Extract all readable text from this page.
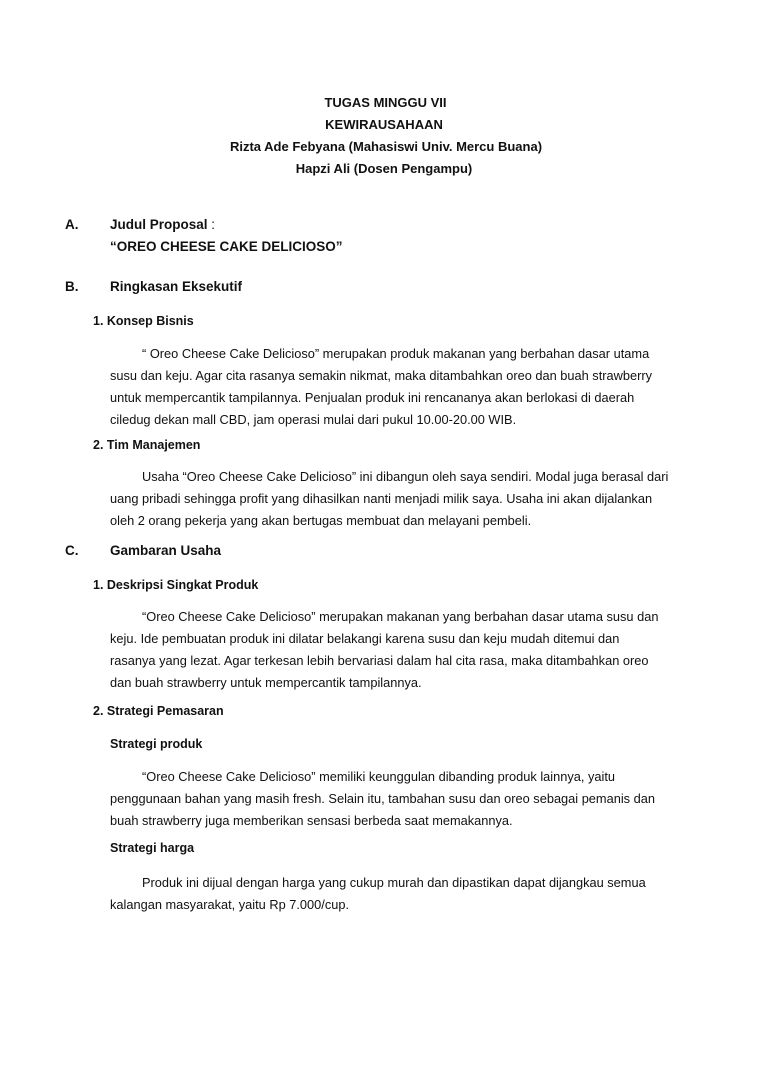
TUGAS MINGGU VII
KEWIRAUSAHAAN
Rizta Ade Febyana (Mahasiswi Univ. Mercu Buana)
Hapzi Ali (Dosen Pengampu)
A. Judul Proposal :
“OREO CHEESE CAKE DELICIOSO”
B. Ringkasan Eksekutif
1. Konsep Bisnis
“ Oreo Cheese Cake Delicioso” merupakan produk makanan yang berbahan dasar utama
susu dan keju. Agar cita rasanya semakin nikmat, maka ditambahkan oreo dan buah strawberry
untuk mempercantik tampilannya. Penjualan produk ini rencananya akan berlokasi di daerah
ciledug dekan mall CBD, jam operasi mulai dari pukul 10.00-20.00 WIB.
2. Tim Manajemen
Usaha “Oreo Cheese Cake Delicioso” ini dibangun oleh saya sendiri. Modal juga berasal dari
uang pribadi sehingga profit yang dihasilkan nanti menjadi milik saya. Usaha ini akan dijalankan
oleh 2 orang pekerja yang akan bertugas membuat dan melayani pembeli.
C. Gambaran Usaha
1. Deskripsi Singkat Produk
“Oreo Cheese Cake Delicioso” merupakan makanan yang berbahan dasar utama susu dan
keju. Ide pembuatan produk ini dilatar belakangi karena susu dan keju mudah ditemui dan
rasanya yang lezat. Agar terkesan lebih bervariasi dalam hal cita rasa, maka ditambahkan oreo
dan buah strawberry untuk mempercantik tampilannya.
2. Strategi Pemasaran
Strategi produk
“Oreo Cheese Cake Delicioso” memiliki keunggulan dibanding produk lainnya, yaitu
penggunaan bahan yang masih fresh. Selain itu, tambahan susu dan oreo sebagai pemanis dan
buah strawberry juga memberikan sensasi berbeda saat memakannya.
Strategi harga
Produk ini dijual dengan harga yang cukup murah dan dipastikan dapat dijangkau semua
kalangan masyarakat, yaitu Rp 7.000/cup.
